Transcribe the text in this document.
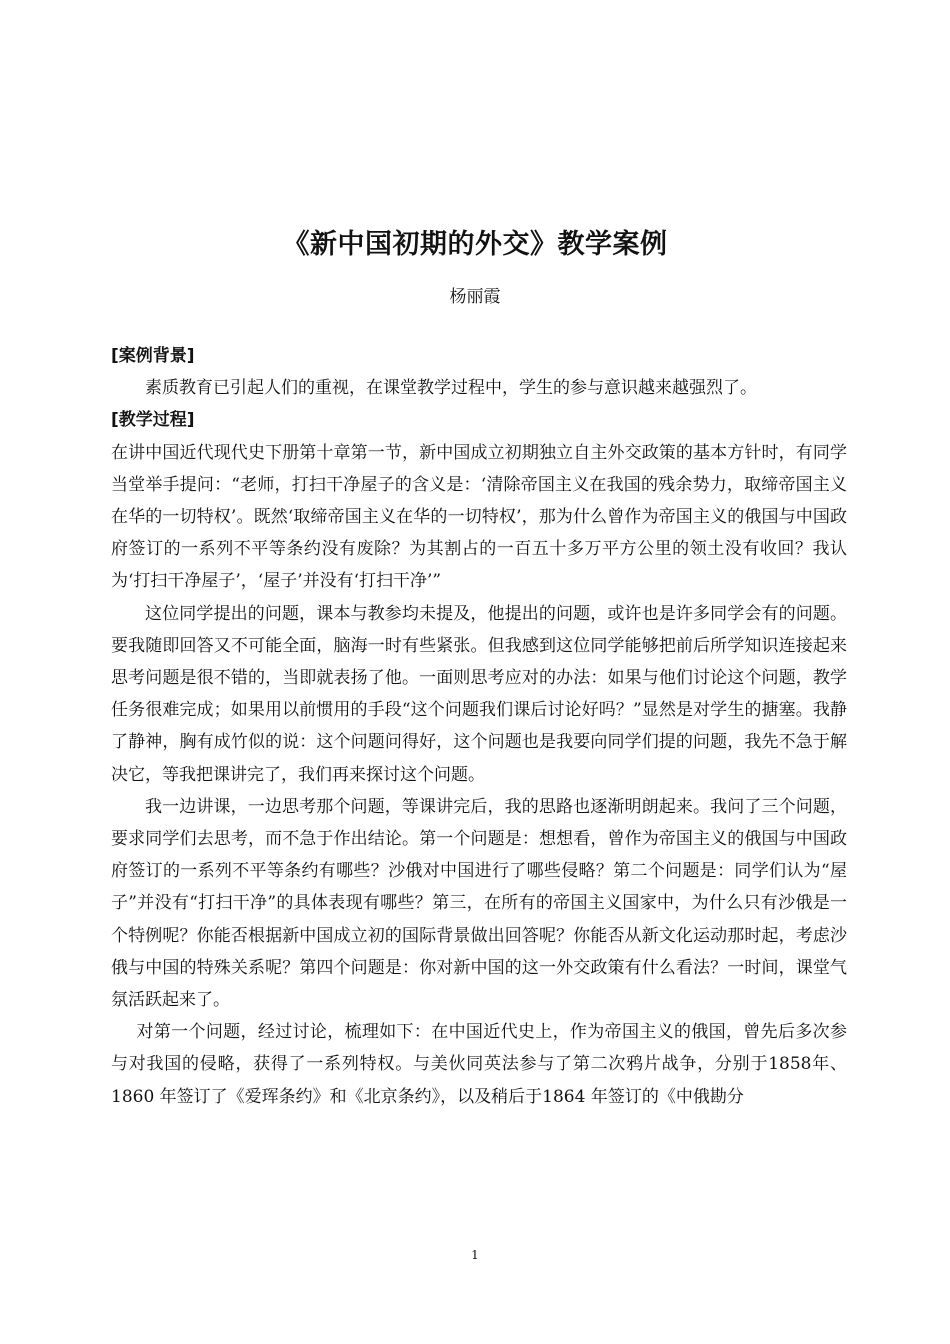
《新中国初期的外交》教学案例
杨丽霞

[案例背景]

素质教育已引起人们的重视，在课堂教学过程中，学生的参与意识越来越强烈了。

[教学过程]

在讲中国近代现代史下册第十章第一节，新中国成立初期独立自主外交政策的基本方针时，有同学当堂举手提问：“老师，打扫干净屋子的含义是：‘清除帝国主义在我国的残余势力，取缔帝国主义在华的一切特权’。既然‘取缔帝国主义在华的一切特权’，那为什么曾作为帝国主义的俄国与中国政府签订的一系列不平等条约没有废除？为其割占的一百五十多万平方公里的领土没有收回？我认为‘打扫干净屋子’，‘屋子’并没有‘打扫干净’”

这位同学提出的问题，课本与教参均未提及，他提出的问题，或许也是许多同学会有的问题。要我随即回答又不可能全面，脑海一时有些紧张。但我感到这位同学能够把前后所学知识连接起来思考问题是很不错的，当即就表扬了他。一面则思考应对的办法：如果与他们讨论这个问题，教学任务很难完成；如果用以前惯用的手段“这个问题我们课后讨论好吗？”显然是对学生的搪塞。我静了静神，胸有成竹似的说：这个问题问得好，这个问题也是我要向同学们提的问题，我先不急于解决它，等我把课讲完了，我们再来探讨这个问题。

我一边讲课，一边思考那个问题，等课讲完后，我的思路也逐渐明朗起来。我问了三个问题，要求同学们去思考，而不急于作出结论。第一个问题是：想想看，曾作为帝国主义的俄国与中国政府签订的一系列不平等条约有哪些？沙俄对中国进行了哪些侵略？第二个问题是：同学们认为“屋子”并没有“打扫干净”的具体表现有哪些？第三，在所有的帝国主义国家中，为什么只有沙俄是一个特例呢？你能否根据新中国成立初的国际背景做出回答呢？你能否从新文化运动那时起，考虑沙俄与中国的特殊关系呢？第四个问题是：你对新中国的这一外交政策有什么看法？一时间，课堂气氛活跃起来了。

对第一个问题，经过讨论，梳理如下：在中国近代史上，作为帝国主义的俄国，曾先后多次参与对我国的侵略，获得了一系列特权。与美伙同英法参与了第二次鸦片战争，分别于1858年、1860 年签订了《爱珲条约》和《北京条约》，以及稍后于1864 年签订的《中俄勘分

1
